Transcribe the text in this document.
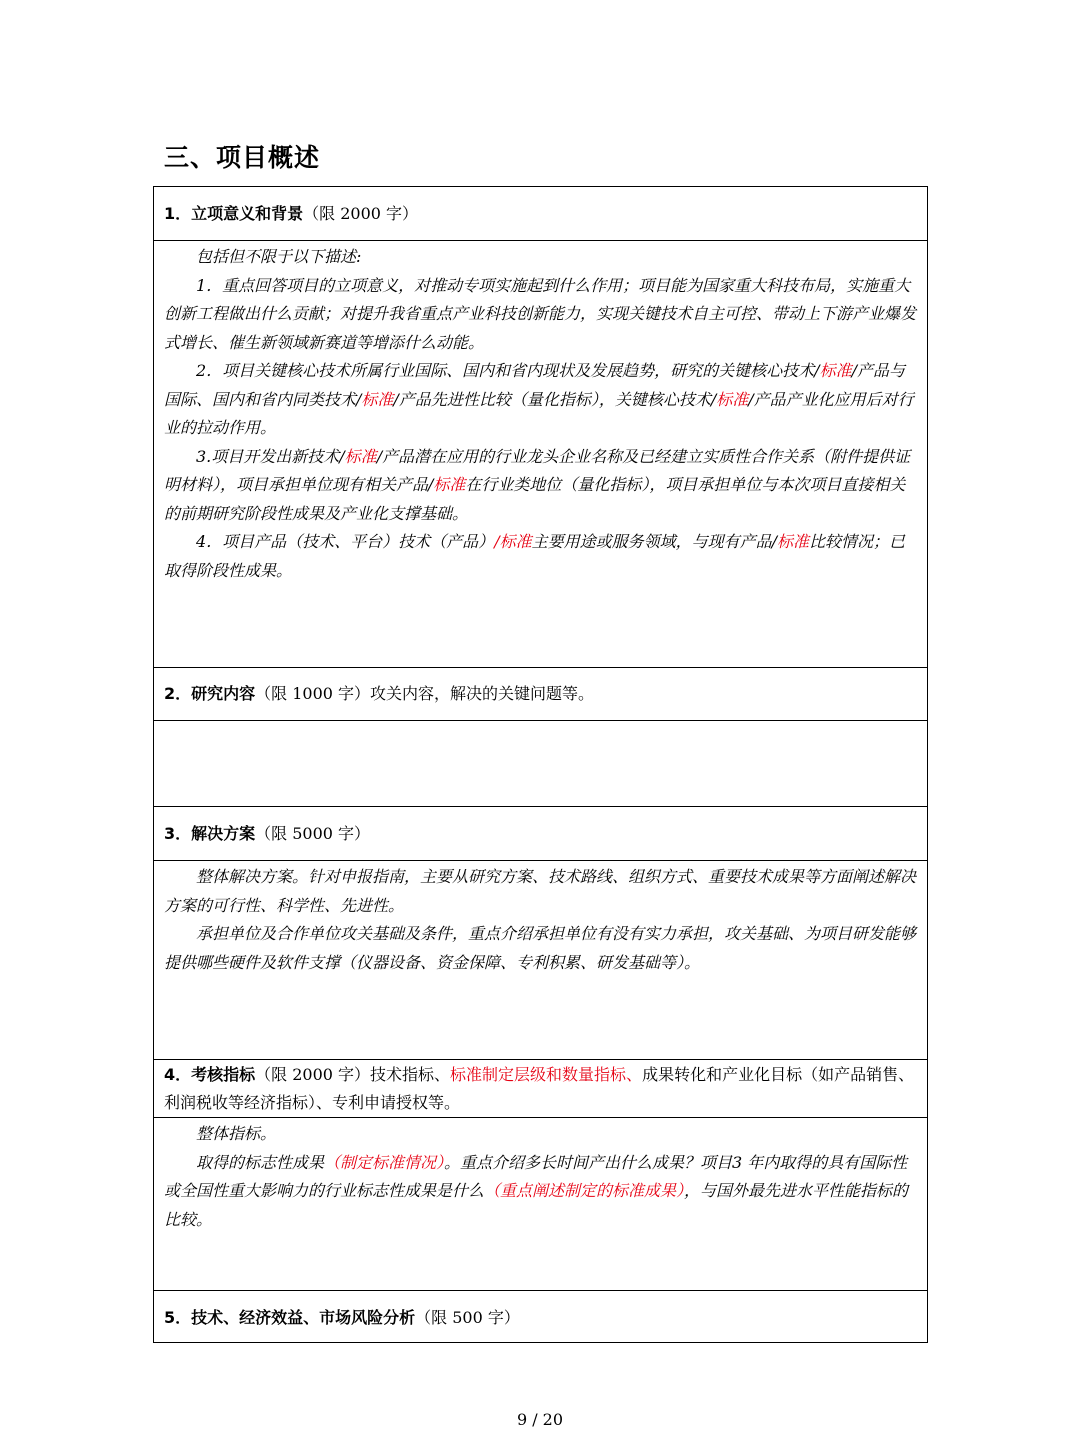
三、项目概述
1．立项意义和背景 （限 2000 字）

包括但不限于以下描述:

1．重点回答项目的立项意义，对推动专项实施起到什么作用；项目能为国家重大科技布局，实施重大创新工程做出什么贡献；对提升我省重点产业科技创新能力，实现关键技术自主可控、带动上下游产业爆发式增长、催生新领域新赛道等增添什么动能。

2．项目关键核心技术所属行业国际、国内和省内现状及发展趋势，研究的关键核心技术/标准/产品与国际、国内和省内同类技术/标准/产品先进性比较（量化指标），关键核心技术/标准/产品产业化应用后对行业的拉动作用。

3.项目开发出新技术/标准/产品潜在应用的行业龙头企业名称及已经建立实质性合作关系（附件提供证明材料），项目承担单位现有相关产品/标准在行业类地位（量化指标），项目承担单位与本次项目直接相关的前期研究阶段性成果及产业化支撑基础。

4．项目产品（技术、平台）技术（产品）/标准主要用途或服务领域，与现有产品/标准比较情况；已取得阶段性成果。

2．研究内容 （限 1000 字）攻关内容，解决的关键问题等。
3．解决方案 （限 5000 字）

整体解决方案。针对申报指南，主要从研究方案、技术路线、组织方式、重要技术成果等方面阐述解决方案的可行性、科学性、先进性。

承担单位及合作单位攻关基础及条件，重点介绍承担单位有没有实力承担，攻关基础、为项目研发能够提供哪些硬件及软件支撑（仪器设备、资金保障、专利积累、研发基础等）。

4．考核指标（限 2000 字）技术指标、标准制定层级和数量指标、成果转化和产业化目标（如产品销售、利润税收等经济指标）、专利申请授权等。

整体指标。

取得的标志性成果（制定标准情况）。重点介绍多长时间产出什么成果？项目3 年内取得的具有国际性或全国性重大影响力的行业标志性成果是什么（重点阐述制定的标准成果），与国外最先进水平性能指标的比较。

5．技术、经济效益、市场风险分析 （限 500 字）
9 / 20
